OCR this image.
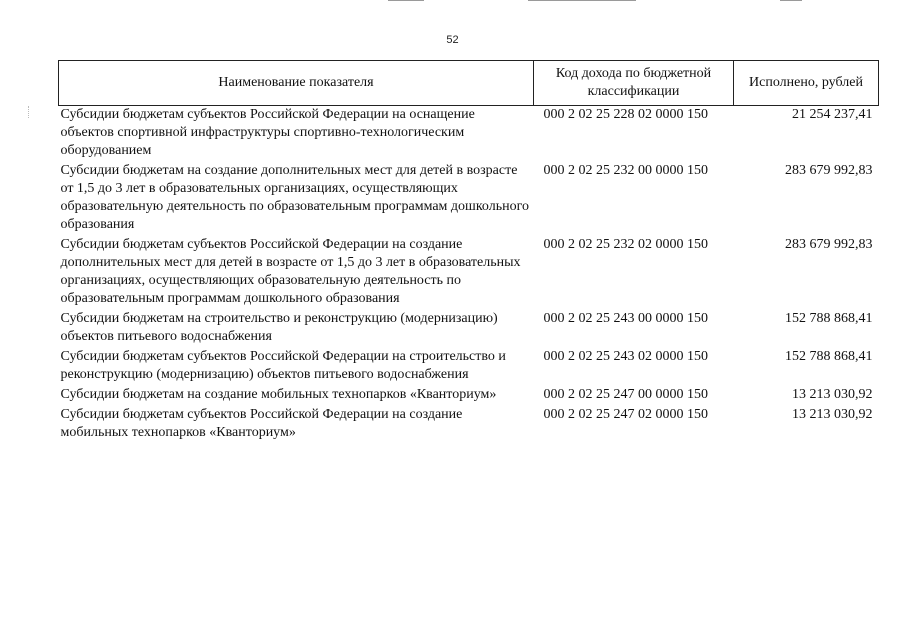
52
Наименование показателя	Код дохода по бюджетной классификации	Исполнено, рублей
Субсидии бюджетам субъектов Российской Федерации на оснащение объектов спортивной инфраструктуры спортивно-технологическим оборудованием	000 2 02 25 228 02 0000 150	21 254 237,41
Субсидии бюджетам на создание дополнительных мест для детей в возрасте от 1,5 до 3 лет в образовательных организациях, осуществляющих образовательную деятельность по образовательным программам дошкольного образования	000 2 02 25 232 00 0000 150	283 679 992,83
Субсидии бюджетам субъектов Российской Федерации на создание дополнительных мест для детей в возрасте от 1,5 до 3 лет в образовательных организациях, осуществляющих образовательную деятельность по образовательным программам дошкольного образования	000 2 02 25 232 02 0000 150	283 679 992,83
Субсидии бюджетам на строительство и реконструкцию (модернизацию) объектов питьевого водоснабжения	000 2 02 25 243 00 0000 150	152 788 868,41
Субсидии бюджетам субъектов Российской Федерации на строительство и реконструкцию (модернизацию) объектов питьевого водоснабжения	000 2 02 25 243 02 0000 150	152 788 868,41
Субсидии бюджетам на создание мобильных технопарков «Кванториум»	000 2 02 25 247 00 0000 150	13 213 030,92
Субсидии бюджетам субъектов Российской Федерации на создание мобильных технопарков «Кванториум»	000 2 02 25 247 02 0000 150	13 213 030,92
